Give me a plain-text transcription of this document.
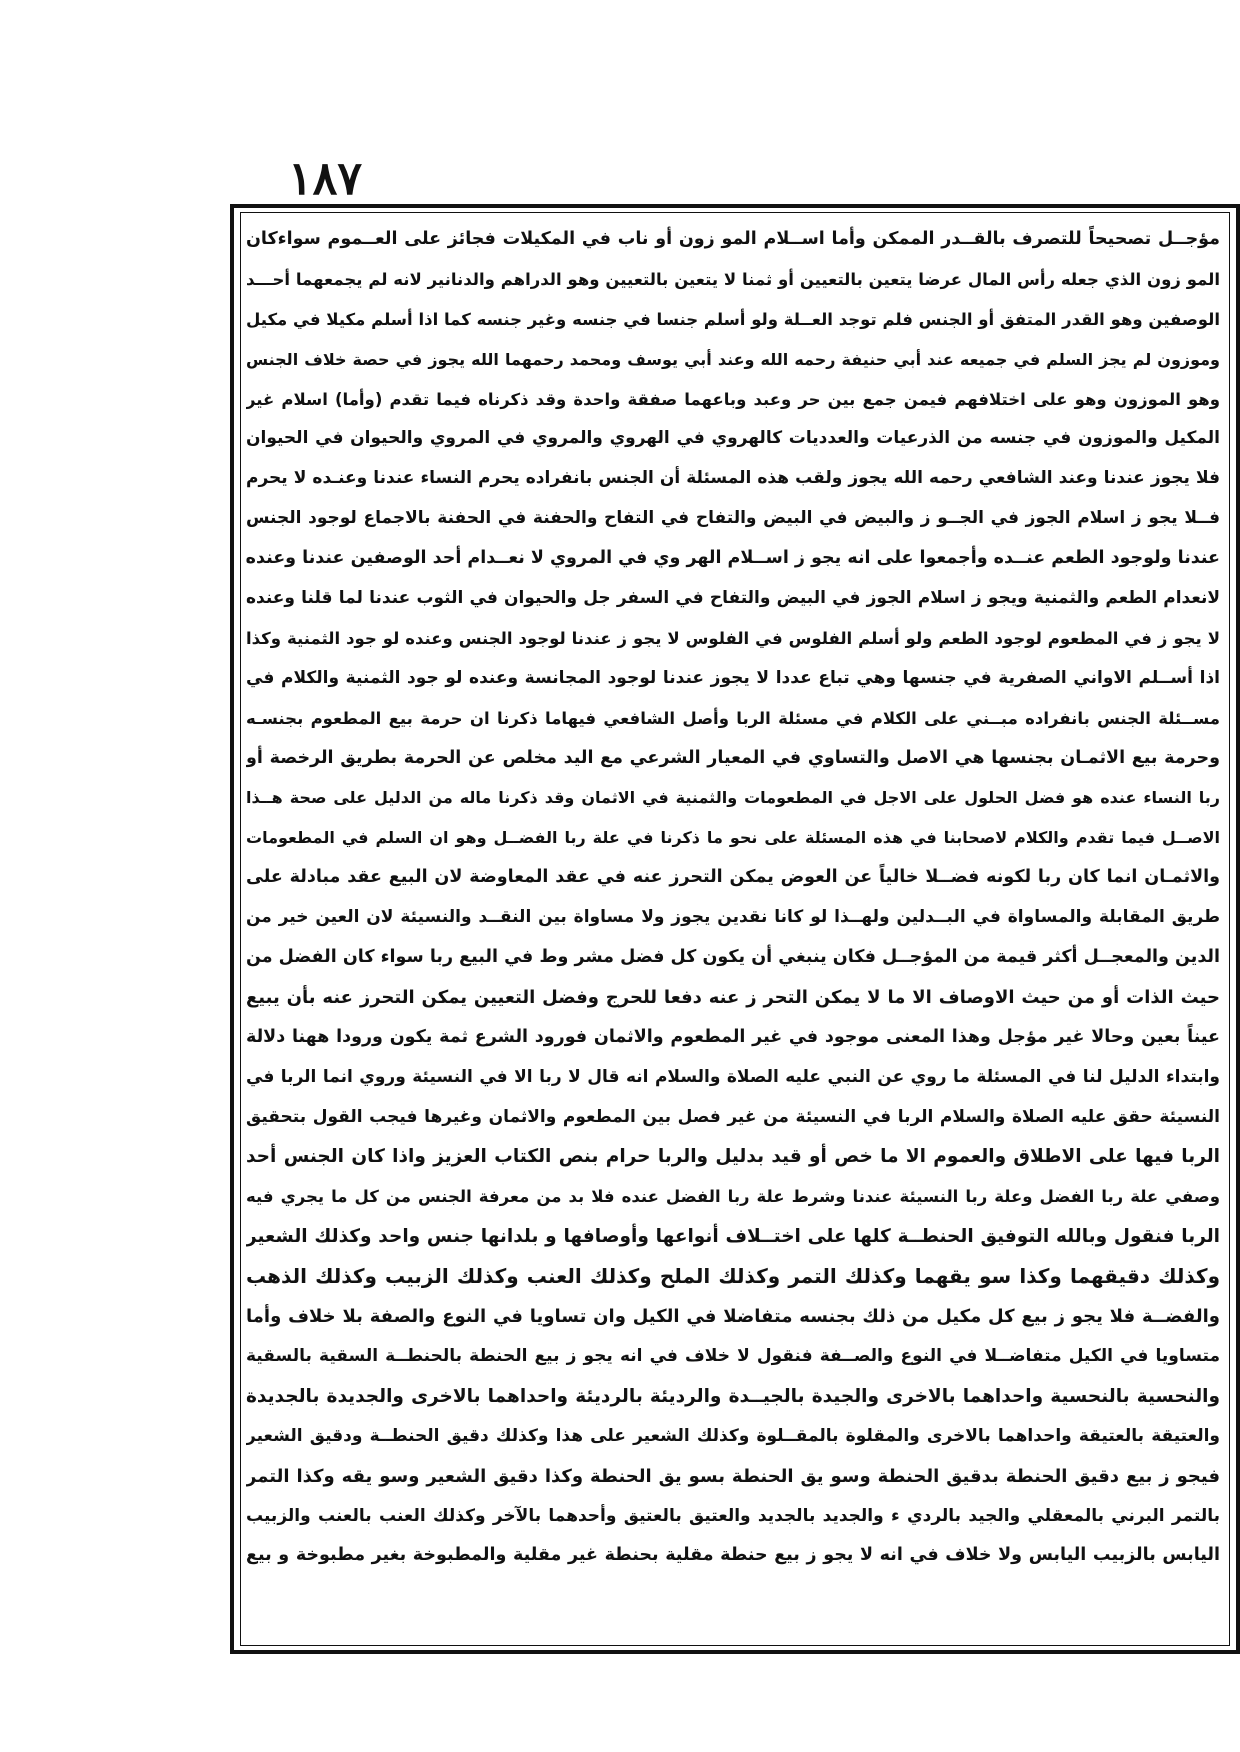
١٨٧
مؤجــل تصحيحاً للتصرف بالقــدر الممكن وأما اســلام المو زون أو ناب في المكيلات فجائز على العــموم سواءكان
المو زون الذي جعله رأس المال عرضا يتعين بالتعيين أو ثمنا لا يتعين بالتعيين وهو الدراهم والدنانير لانه لم يجمعهما أحـــد
الوصفين وهو القدر المتفق أو الجنس فلم توجد العــلة ولو أسلم جنسا في جنسه وغير جنسه كما اذا أسلم مكيلا في مكيل
وموزون لم يجز السلم في جميعه عند أبي حنيفة رحمه الله وعند أبي يوسف ومحمد رحمهما الله يجوز في حصة خلاف الجنس
وهو الموزون وهو على اختلافهم فيمن جمع بين حر وعبد وباعهما صفقة واحدة وقد ذكرناه فيما تقدم (وأما) اسلام غير
المكيل والموزون في جنسه من الذرعيات والعدديات كالهروي في الهروي والمروي في المروي والحيوان في الحيوان
فلا يجوز عندنا وعند الشافعي رحمه الله يجوز ولقب هذه المسئلة أن الجنس بانفراده يحرم النساء عندنا وعنـده لا يحرم
فــلا يجو ز اسلام الجوز في الجــو ز والبيض في البيض والتفاح في التفاح والحفنة في الحفنة بالاجماع لوجود الجنس
عندنا ولوجود الطعم عنــده وأجمعوا على انه يجو ز اســلام الهر وي في المروي لا نعــدام أحد الوصفين عندنا وعنده
لانعدام الطعم والثمنية ويجو ز اسلام الجوز في البيض والتفاح في السفر جل والحيوان في الثوب عندنا لما قلنا وعنده
لا يجو ز في المطعوم لوجود الطعم ولو أسلم الفلوس في الفلوس لا يجو ز عندنا لوجود الجنس وعنده لو جود الثمنية وكذا
اذا أســلم الاواني الصفرية في جنسها وهي تباع عددا لا يجوز عندنا لوجود المجانسة وعنده لو جود الثمنية والكلام في
مســئلة الجنس بانفراده مبــني على الكلام في مسئلة الربا وأصل الشافعي فيهاما ذكرنا ان حرمة بيع المطعوم بجنسـه
وحرمة بيع الاثمـان بجنسها هي الاصل والتساوي في المعيار الشرعي مع اليد مخلص عن الحرمة بطريق الرخصة أو
ربا النساء عنده هو فضل الحلول على الاجل في المطعومات والثمنية في الاثمان وقد ذكرنا ماله من الدليل على صحة هــذا
الاصــل فيما تقدم والكلام لاصحابنا في هذه المسئلة على نحو ما ذكرنا في علة ربا الفضــل وهو ان السلم في المطعومات
والاثمـان انما كان ربا لكونه فضــلا خالياً عن العوض يمكن التحرز عنه في عقد المعاوضة لان البيع عقد مبادلة على
طريق المقابلة والمساواة في البــدلين ولهــذا لو كانا نقدين يجوز ولا مساواة بين النقــد والنسيئة لان العين خير من
الدين والمعجــل أكثر قيمة من المؤجــل فكان ينبغي أن يكون كل فضل مشر وط في البيع ربا سواء كان الفضل من
حيث الذات أو من حيث الاوصاف الا ما لا يمكن التحر ز عنه دفعا للحرج وفضل التعيين يمكن التحرز عنه بأن يبيع
عيناً بعين وحالا غير مؤجل وهذا المعنى موجود في غير المطعوم والاثمان فورود الشرع ثمة يكون ورودا ههنا دلالة
وابتداء الدليل لنا في المسئلة ما روي عن النبي عليه الصلاة والسلام انه قال لا ربا الا في النسيئة وروي انما الربا في
النسيئة حقق عليه الصلاة والسلام الربا في النسيئة من غير فصل بين المطعوم والاثمان وغيرها فيجب القول بتحقيق
الربا فيها على الاطلاق والعموم الا ما خص أو قيد بدليل والربا حرام بنص الكتاب العزيز واذا كان الجنس أحد
وصفي علة ربا الفضل وعلة ربا النسيئة عندنا وشرط علة ربا الفضل عنده فلا بد من معرفة الجنس من كل ما يجري فيه
الربا فنقول وبالله التوفيق الحنطــة كلها على اختــلاف أنواعها وأوصافها و بلدانها جنس واحد وكذلك الشعير
وكذلك دقيقهما وكذا سو يقهما وكذلك التمر وكذلك الملح وكذلك العنب وكذلك الزبيب وكذلك الذهب
والفضــة فلا يجو ز بيع كل مكيل من ذلك بجنسه متفاضلا في الكيل وان تساويا في النوع والصفة بلا خلاف وأما
متساويا في الكيل متفاضــلا في النوع والصــفة فنقول لا خلاف في انه يجو ز بيع الحنطة بالحنطــة السقية بالسقية
والنحسية بالنحسية واحداهما بالاخرى والجيدة بالجيــدة والرديئة بالرديئة واحداهما بالاخرى والجديدة بالجديدة
والعتيقة بالعتيقة واحداهما بالاخرى والمقلوة بالمقــلوة وكذلك الشعير على هذا وكذلك دقيق الحنطــة ودقيق الشعير
فيجو ز بيع دقيق الحنطة بدقيق الحنطة وسو يق الحنطة بسو يق الحنطة وكذا دقيق الشعير وسو يقه وكذا التمر
بالتمر البرني بالمعقلي والجيد بالردي ء والجديد بالجديد والعتيق بالعتيق وأحدهما بالآخر وكذلك العنب بالعنب والزبيب
اليابس بالزبيب اليابس ولا خلاف في انه لا يجو ز بيع حنطة مقلية بحنطة غير مقلية والمطبوخة بغير مطبوخة و بيع
